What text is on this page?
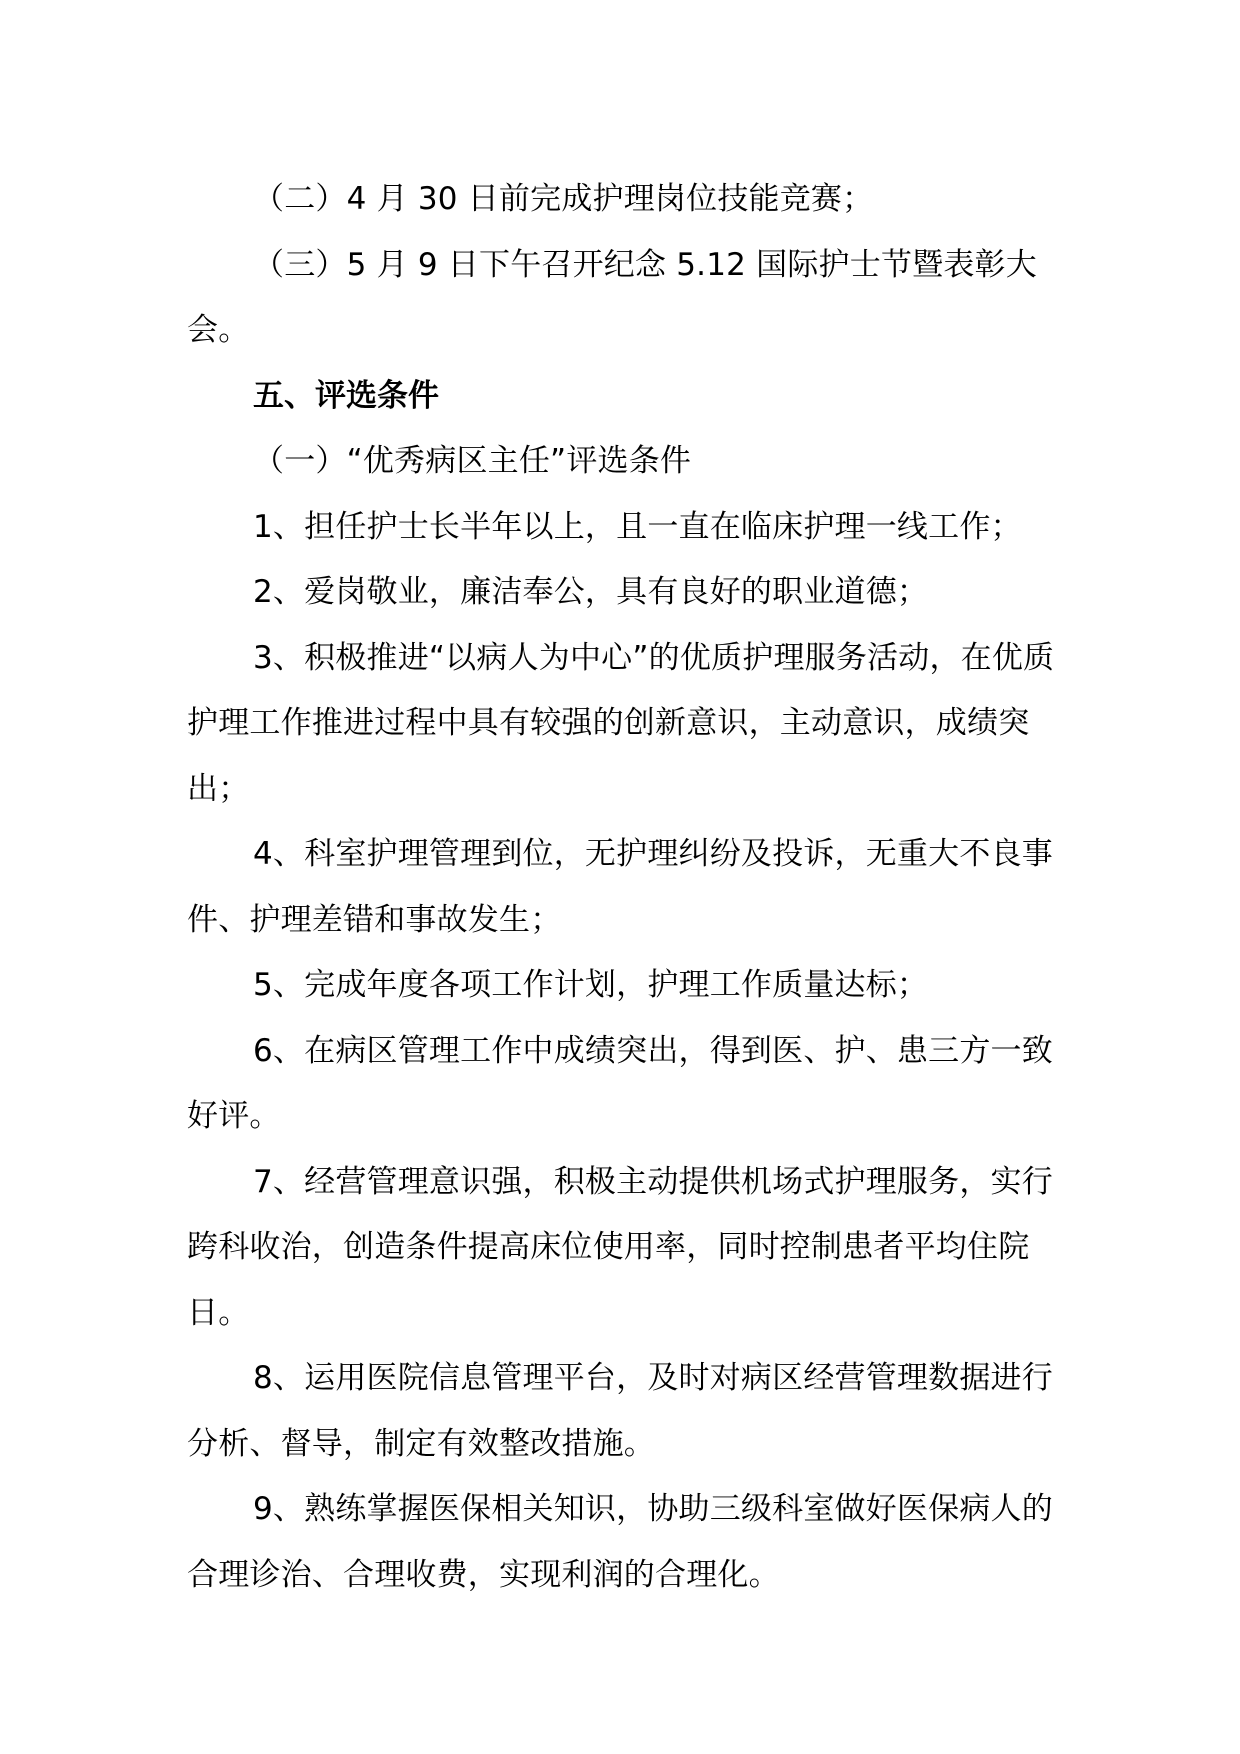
（二）4 月 30 日前完成护理岗位技能竞赛；

（三）5 月 9 日下午召开纪念 5.12 国际护士节暨表彰大会。

五、评选条件

（一）“优秀病区主任”评选条件

1、担任护士长半年以上，且一直在临床护理一线工作；

2、爱岗敬业，廉洁奉公，具有良好的职业道德；

3、积极推进“以病人为中心”的优质护理服务活动，在优质护理工作推进过程中具有较强的创新意识，主动意识，成绩突出；

4、科室护理管理到位，无护理纠纷及投诉，无重大不良事件、护理差错和事故发生；

5、完成年度各项工作计划，护理工作质量达标；

6、在病区管理工作中成绩突出，得到医、护、患三方一致好评。

7、经营管理意识强，积极主动提供机场式护理服务，实行跨科收治，创造条件提高床位使用率，同时控制患者平均住院日。

8、运用医院信息管理平台，及时对病区经营管理数据进行分析、督导，制定有效整改措施。

9、熟练掌握医保相关知识，协助三级科室做好医保病人的合理诊治、合理收费，实现利润的合理化。
